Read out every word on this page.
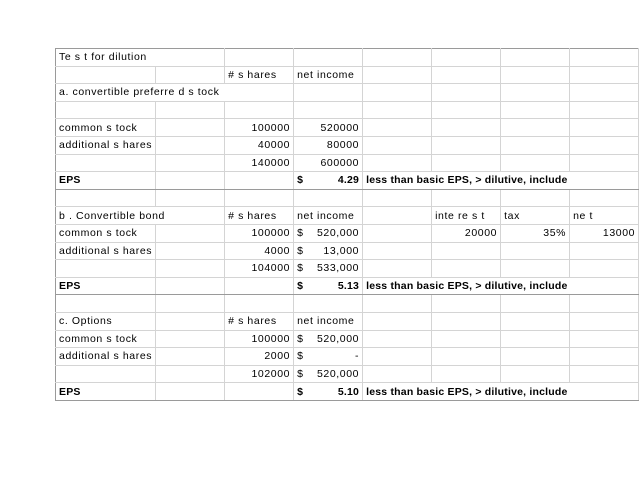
Te s t for dilution							
		# s hares	net income				
a. convertible preferre d s tock							

common s tock		100000	520000				
additional s hares		40000	80000				
		140000	600000				
EPS			$ 4.29	less than basic EPS, > dilutive, include			

b . Convertible bond		# s hares	net income		inte re s t	tax	ne t
common s tock		100000	$ 520,000		20000	35%	13000
additional s hares		4000	$ 13,000				

		104000	$ 533,000				

EPS			$ 5.13	less than basic EPS, > dilutive, include			

c. Options		# s hares	net income				
common s tock		100000	$ 520,000				

additional s hares		2000	$ -				

		102000	$ 520,000				

EPS			$ 5.10	less than basic EPS, > dilutive, include			
